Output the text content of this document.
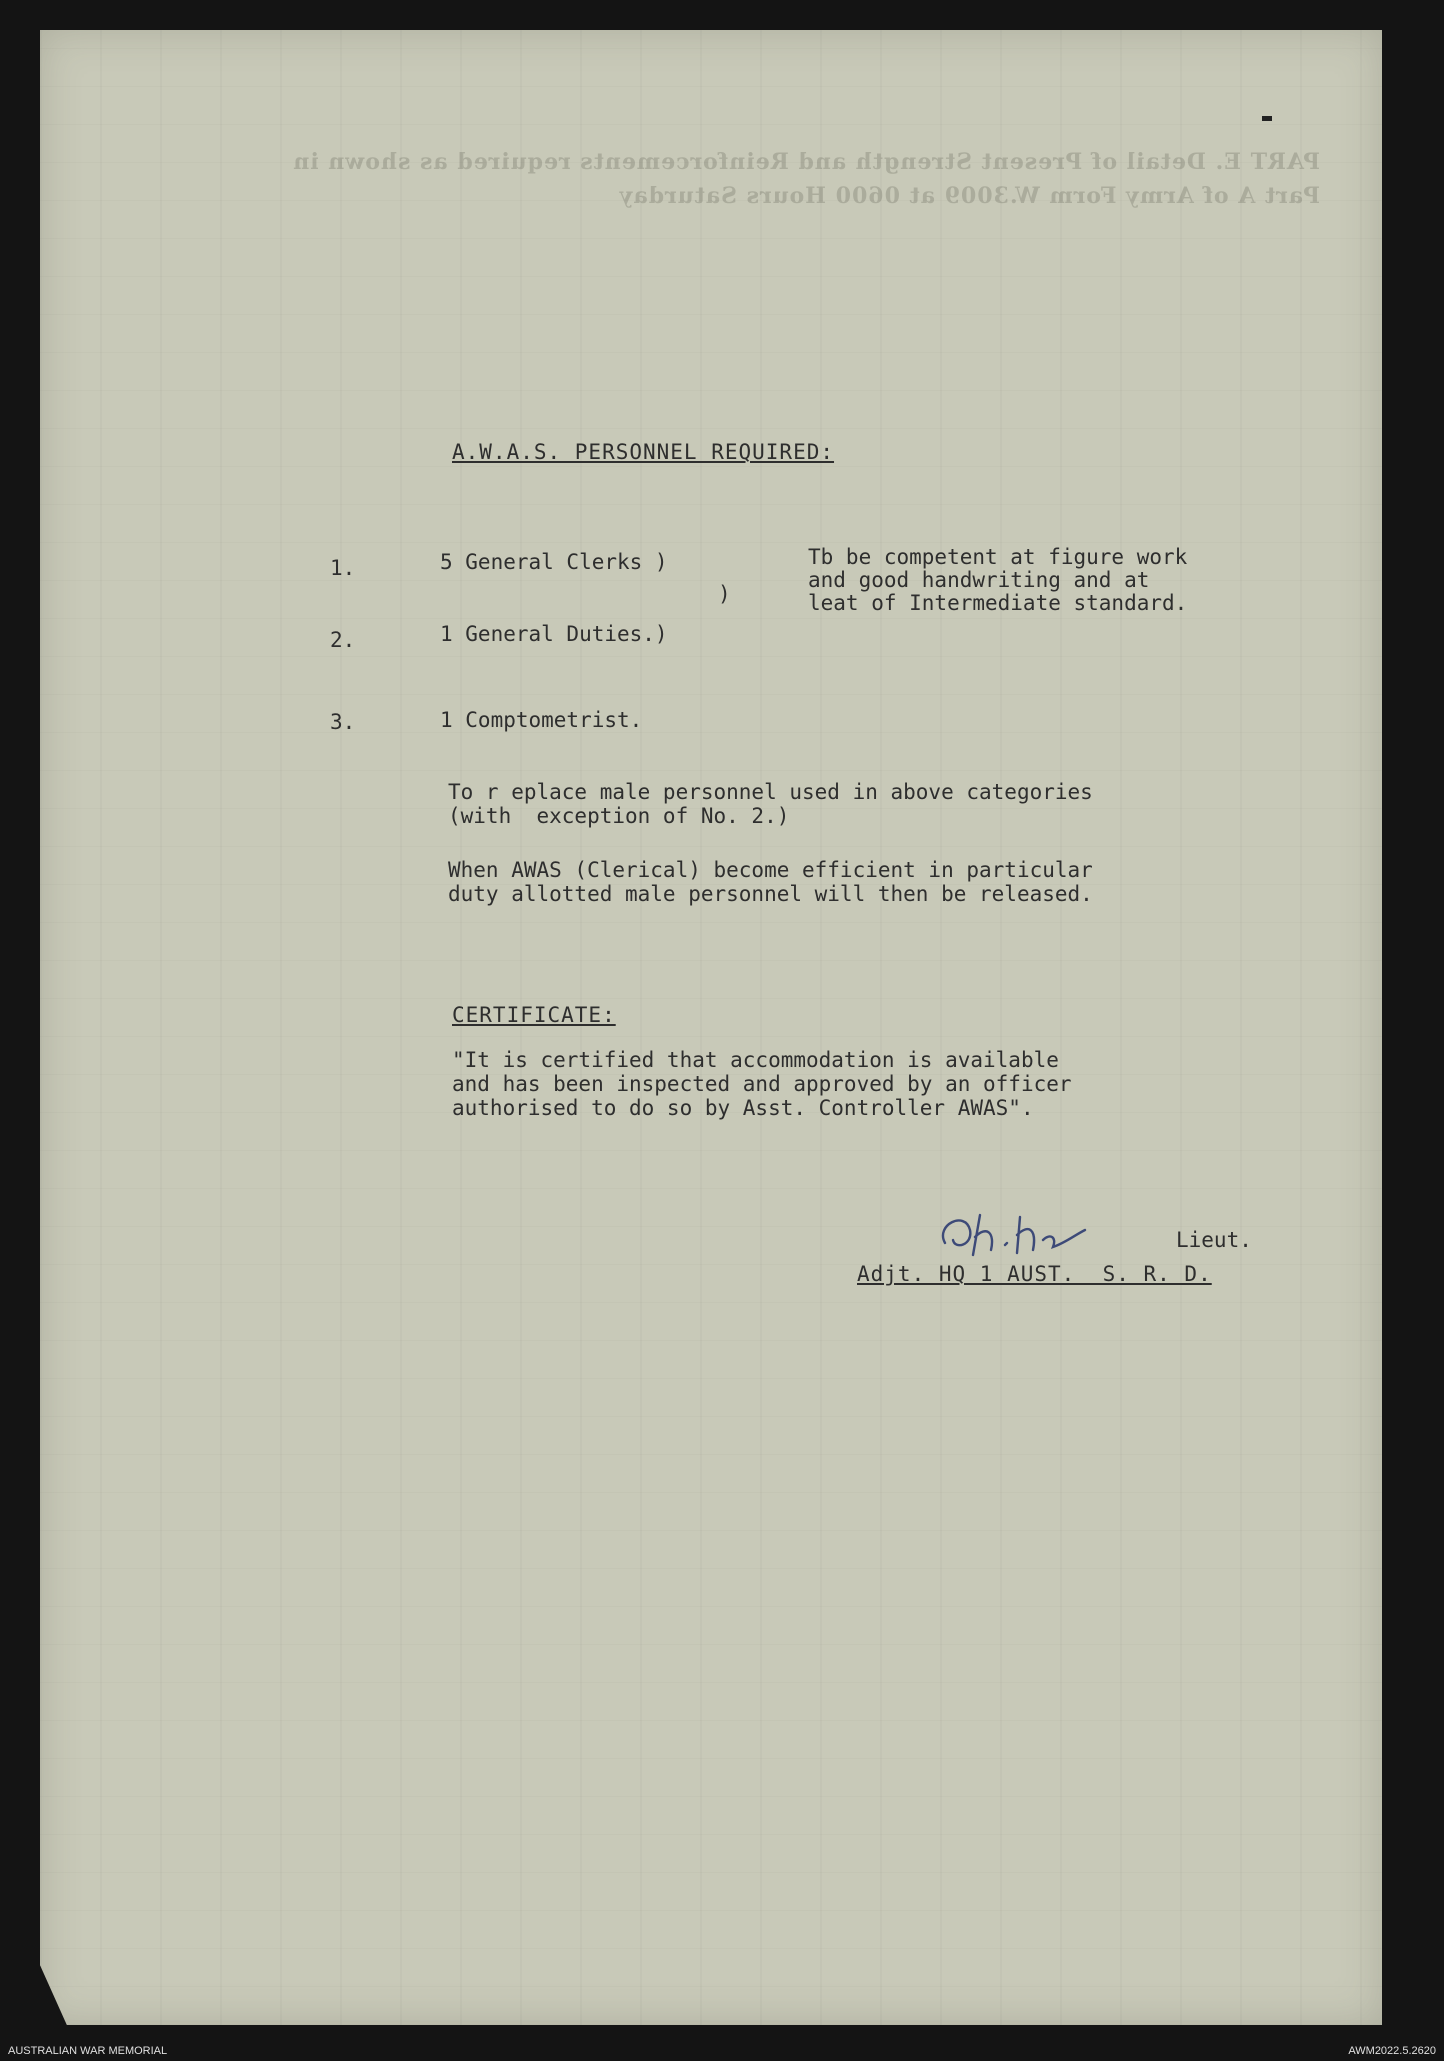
PART E. Detail of Present Strength and Reinforcements required as shown in
Part A of Army Form W.3009 at 0600 Hours Saturday
A.W.A.S. PERSONNEL REQUIRED:
1.	5 General Clerks )
)
2.	1 General Duties.)
3.	1 Comptometrist.
Tb be competent at figure work
and good handwriting and at
leat of Intermediate standard.
To r eplace male personnel used in above categories
(with  exception of No. 2.)
When AWAS (Clerical) become efficient in particular
duty allotted male personnel will then be released.
CERTIFICATE:
"It is certified that accommodation is available
and has been inspected and approved by an officer
authorised to do so by Asst. Controller AWAS".
Lieut.
Adjt. HQ 1 AUST.  S. R. D.
AUSTRALIAN WAR MEMORIAL	AWM2022.5.2620
